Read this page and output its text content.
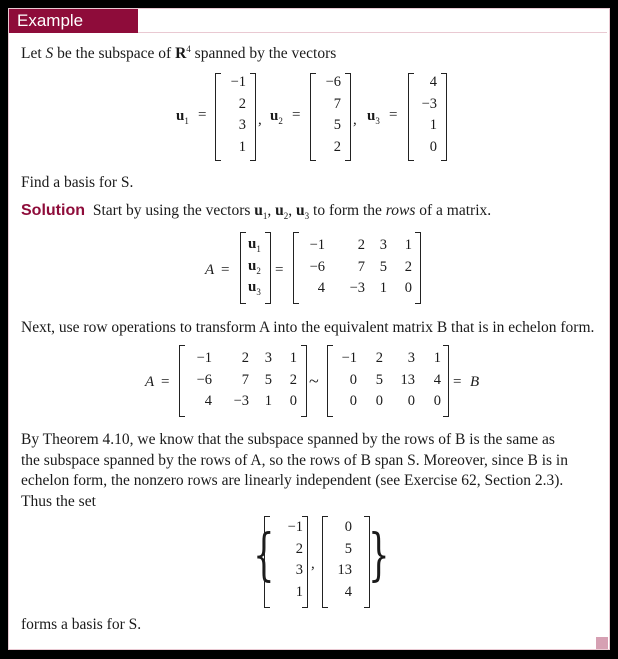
Example
Let S be the subspace of $R^4$ spanned by the vectors
$u_1$ =
−1
2
3
1
, $u_2$ =
−6
7
5
2
, $u_3$ =
4
−3
1
0
Find a basis for S.
Solution Start by using the vectors $u_1$, $u_2$, $u_3$ to form the rows of a matrix.
A =
$u_1$
$u_2$
$u_3$
=
−1	2	3	1
−6	7	5	2
4	−3	1	0
Next, use row operations to transform A into the equivalent matrix B that is in echelon form.
A =
−1	2	3	1
−6	7	5	2
4	−3	1	0
~
−1	2	3	1
0	5	13	4
0	0	0	0
= B
By Theorem 4.10, we know that the subspace spanned by the rows of B is the same as
the subspace spanned by the rows of A, so the rows of B span S. Moreover, since B is in
echelon form, the nonzero rows are linearly independent (see Exercise 62, Section 2.3).
Thus the set
{ −1
2
3
1
,
0
5
13
4
}
forms a basis for S.
